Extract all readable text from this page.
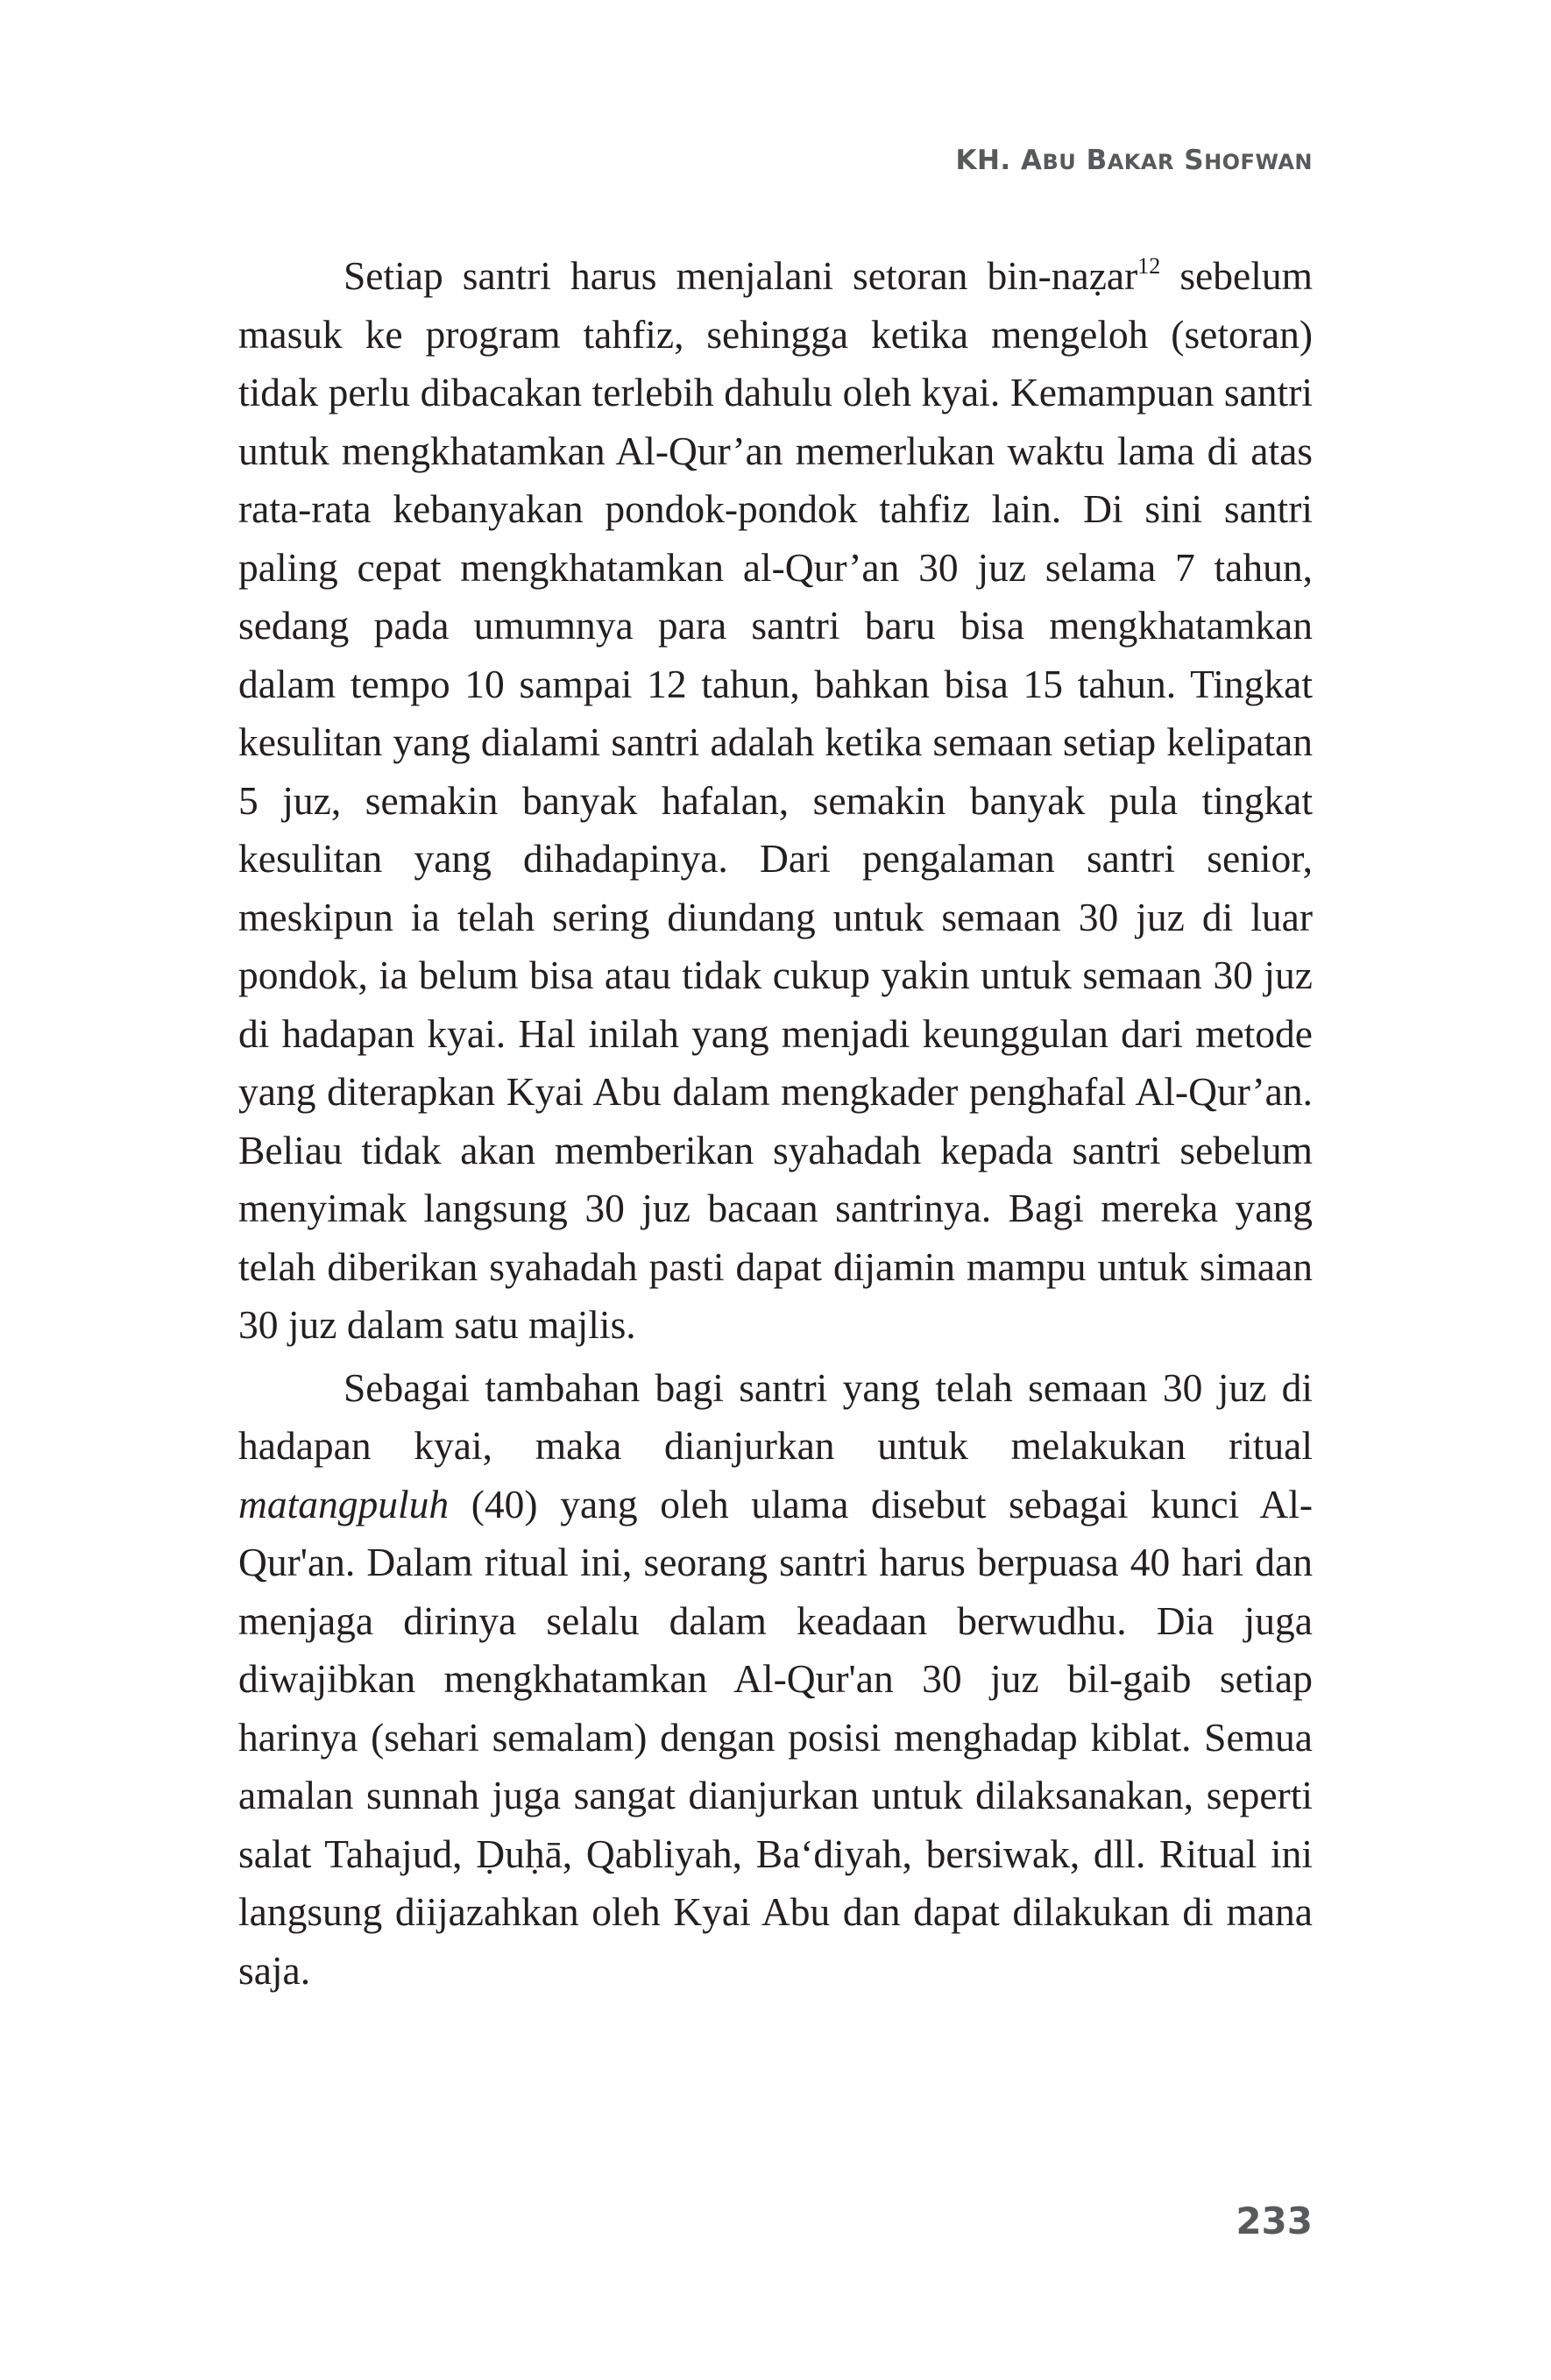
KH. ABU BAKAR SHOFWAN

Setiap santri harus menjalani setoran bin-naẓar$^{12}$ sebelum masuk ke program tahfiz, sehingga ketika mengeloh (setoran) tidak perlu dibacakan terlebih dahulu oleh kyai. Kemampuan santri untuk mengkhatamkan Al-Qur’an memerlukan waktu lama di atas rata-rata kebanyakan pondok-pondok tahfiz lain. Di sini santri paling cepat mengkhatamkan al-Qur’an 30 juz selama 7 tahun, sedang pada umumnya para santri baru bisa mengkhatamkan dalam tempo 10 sampai 12 tahun, bahkan bisa 15 tahun. Tingkat kesulitan yang dialami santri adalah ketika semaan setiap kelipatan 5 juz, semakin banyak hafalan, semakin banyak pula tingkat kesulitan yang dihadapinya. Dari pengalaman santri senior, meskipun ia telah sering diundang untuk semaan 30 juz di luar pondok, ia belum bisa atau tidak cukup yakin untuk semaan 30 juz di hadapan kyai. Hal inilah yang menjadi keunggulan dari metode yang diterapkan Kyai Abu dalam mengkader penghafal Al-Qur’an. Beliau tidak akan memberikan syahadah kepada santri sebelum menyimak langsung 30 juz bacaan santrinya. Bagi mereka yang telah diberikan syahadah pasti dapat dijamin mampu untuk simaan 30 juz dalam satu majlis.

Sebagai tambahan bagi santri yang telah semaan 30 juz di hadapan kyai, maka dianjurkan untuk melakukan ritual matangpuluh (40) yang oleh ulama disebut sebagai kunci Al-Qur'an. Dalam ritual ini, seorang santri harus berpuasa 40 hari dan menjaga dirinya selalu dalam keadaan berwudhu. Dia juga diwajibkan mengkhatamkan Al-Qur'an 30 juz bil-gaib setiap harinya (sehari semalam) dengan posisi menghadap kiblat. Semua amalan sunnah juga sangat dianjurkan untuk dilaksanakan, seperti salat Tahajud, Ḍuḥā, Qabliyah, Ba‘diyah, bersiwak, dll. Ritual ini langsung diijazahkan oleh Kyai Abu dan dapat dilakukan di mana saja.

233
